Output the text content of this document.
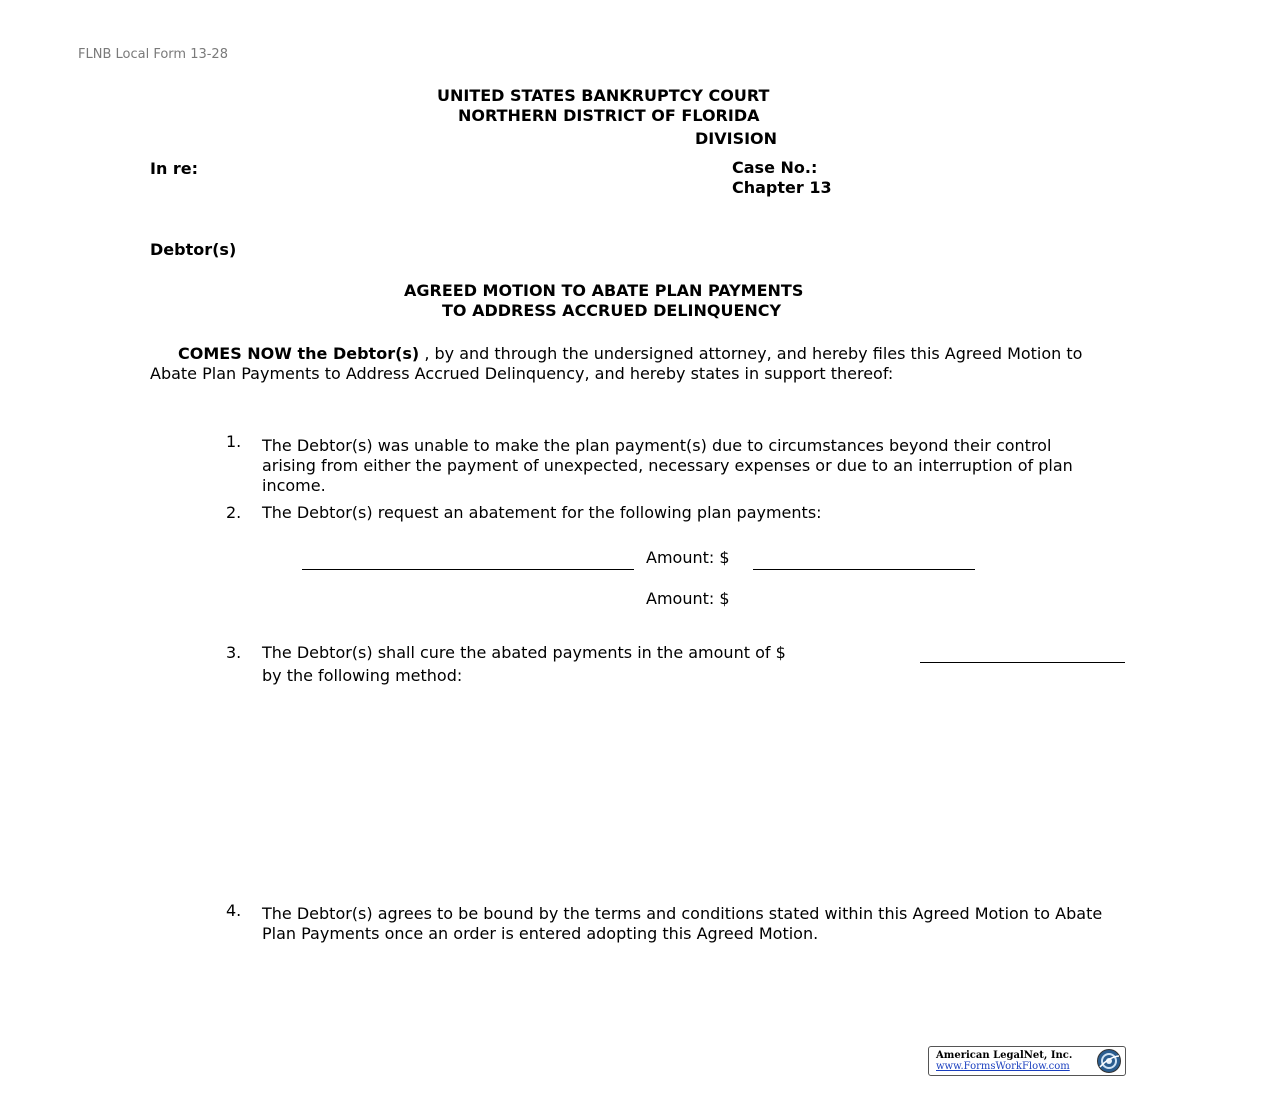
FLNB Local Form 13-28
UNITED STATES BANKRUPTCY COURT
NORTHERN DISTRICT OF FLORIDA
DIVISION
In re:	Case No.:
Chapter 13
Debtor(s)
AGREED MOTION TO ABATE PLAN PAYMENTS
TO ADDRESS ACCRUED DELINQUENCY
COMES NOW the Debtor(s) , by and through the undersigned attorney, and hereby files this Agreed Motion to Abate Plan Payments to Address Accrued Delinquency, and hereby states in support thereof:
1. The Debtor(s) was unable to make the plan payment(s) due to circumstances beyond their control arising from either the payment of unexpected, necessary expenses or due to an interruption of plan income.
2. The Debtor(s) request an abatement for the following plan payments:
Amount: $
Amount: $
3. The Debtor(s) shall cure the abated payments in the amount of $
by the following method:
4. The Debtor(s) agrees to be bound by the terms and conditions stated within this Agreed Motion to Abate Plan Payments once an order is entered adopting this Agreed Motion.
American LegalNet, Inc.
www.FormsWorkFlow.com
